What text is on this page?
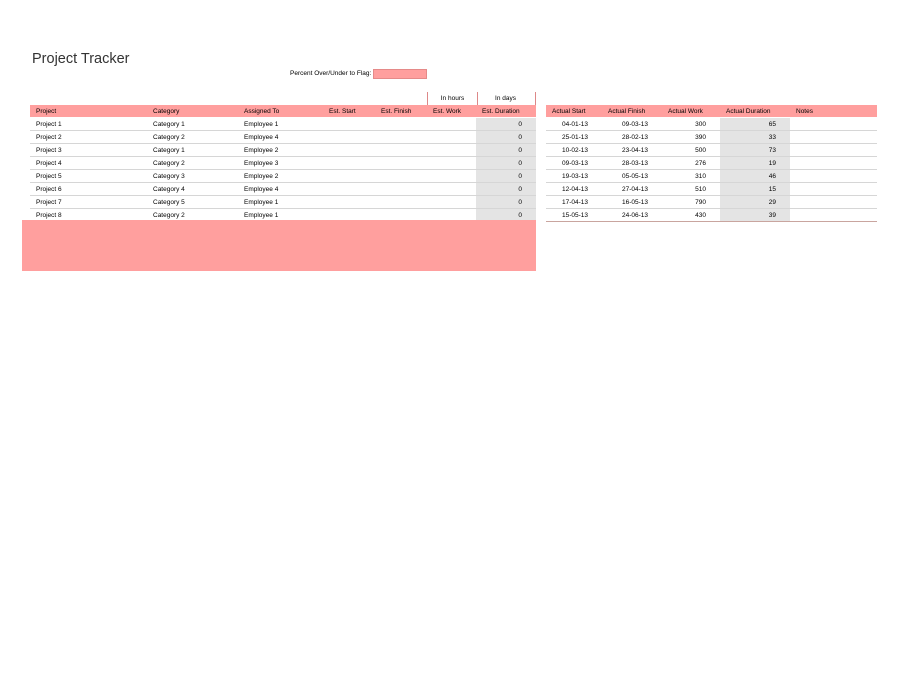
Project Tracker
Percent Over/Under to Flag:
In hours	In days
Project	Category	Assigned To	Est. Start	Est. Finish	Est. Work	Est. Duration
Project 1	Category 1	Employee 1				0
Project 2	Category 2	Employee 4				0
Project 3	Category 1	Employee 2				0
Project 4	Category 2	Employee 3				0
Project 5	Category 3	Employee 2				0
Project 6	Category 4	Employee 4				0
Project 7	Category 5	Employee 1				0
Project 8	Category 2	Employee 1				0
Actual Start	Actual Finish	Actual Work	Actual Duration	Notes
04-01-13	09-03-13	300	65	
25-01-13	28-02-13	390	33	
10-02-13	23-04-13	500	73	
09-03-13	28-03-13	276	19	
19-03-13	05-05-13	310	46	
12-04-13	27-04-13	510	15	
17-04-13	16-05-13	790	29	
15-05-13	24-06-13	430	39	
